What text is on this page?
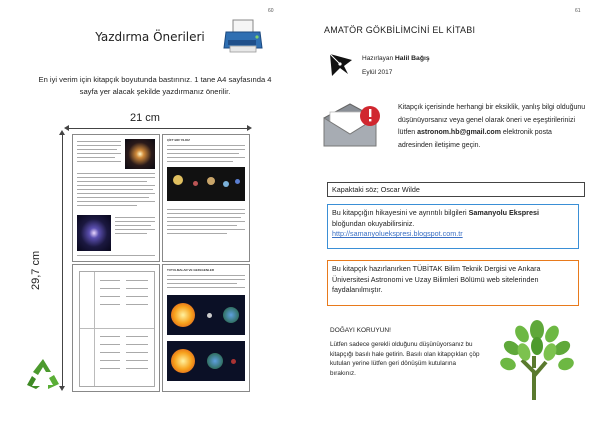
60	61
Yazdırma Önerileri
En iyi verim için kitapçık boyutunda bastırınız. 1 tane A4 sayfasında 4 sayfa yer alacak şekilde yazdırmanız önerilir.
21 cm
29,7 cm
ÇİFT BIR YILDIZ
TUTULMALAR VE GEZEGENLER
AMATÖR GÖKBİLİMCİNİ EL KİTABI
Hazırlayan Halil Bağış
Eylül 2017
Kitapçık içerisinde herhangi bir eksiklik, yanlış bilgi olduğunu düşünüyorsanız veya genel olarak öneri ve eşeştirilerinizi lütfen astronom.hb@gmail.com elektronik posta adresinden iletişime geçin.
Kapaktaki söz; Oscar Wilde
Bu kitapçığın hikayesini ve ayrıntılı bilgileri Samanyolu Ekspresi bloğundan okuyabilirsiniz.
http://samanyoluekspresi.blogspot.com.tr
Bu kitapçık hazırlanırken TÜBİTAK Bilim Teknik Dergisi ve Ankara Üniversitesi Astronomi ve Uzay Bilimleri Bölümü web sitelerinden faydalanılmıştır.
DOĞAYI KORUYUN!
Lütfen sadece gerekli olduğunu düşünüyorsanız bu kitapçığı basılı hale getirin. Basılı olan kitapçıkları çöp kutuları yerine lütfen geri dönüşüm kutularına bırakınız.
